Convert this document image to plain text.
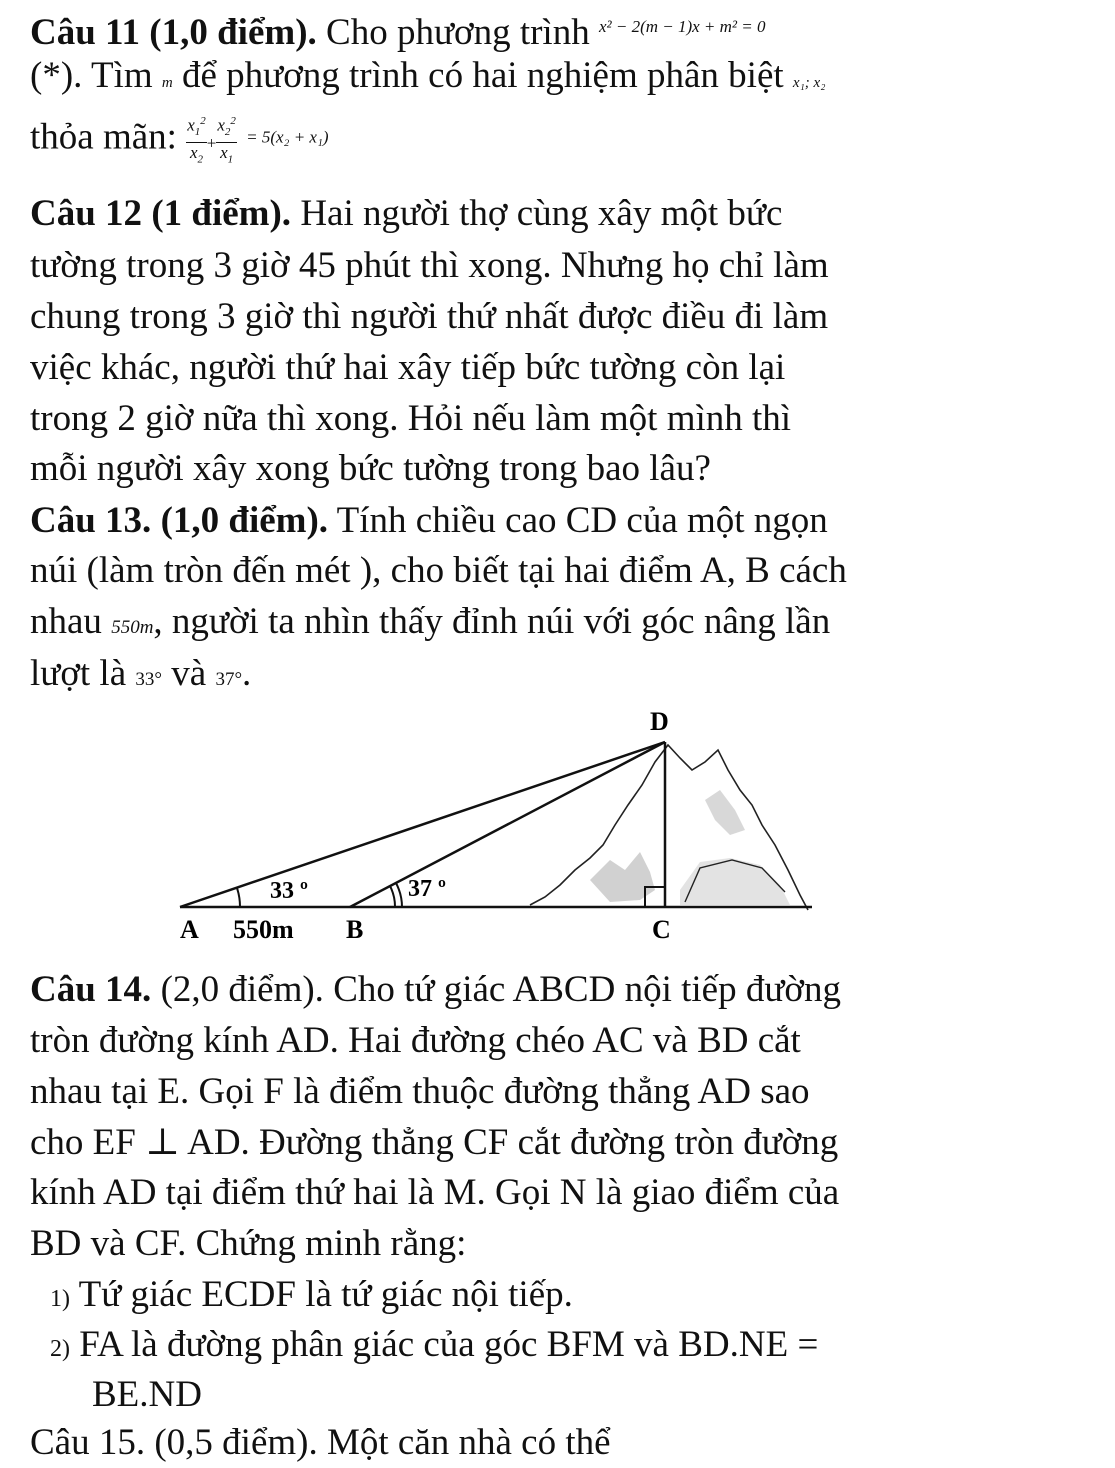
Câu 11 (1,0 điểm). Cho phương trình $^{x^2 - 2(m - 1)x + m^2 = 0}$
(*). Tìm m để phương trình có hai nghiệm phân biệt x₁; x₂
thỏa mãn: $\frac{x_1^2}{x_2} + \frac{x_2^2}{x_1} = 5(x_2 + x_1)$
Câu 12 (1 điểm). Hai người thợ cùng xây một bức
tường trong 3 giờ 45 phút thì xong. Nhưng họ chỉ làm
chung trong 3 giờ thì người thứ nhất được điều đi làm
việc khác, người thứ hai xây tiếp bức tường còn lại
trong 2 giờ nữa thì xong. Hỏi nếu làm một mình thì
mỗi người xây xong bức tường trong bao lâu?
Câu 13. (1,0 điểm). Tính chiều cao CD của một ngọn
núi (làm tròn đến mét ), cho biết tại hai điểm A, B cách
nhau 550m, người ta nhìn thấy đỉnh núi với góc nâng lần
lượt là 33° và 37°.
D
A 550m B	C
33 º	37 º
Câu 14. (2,0 điểm). Cho tứ giác ABCD nội tiếp đường
tròn đường kính AD. Hai đường chéo AC và BD cắt
nhau tại E. Gọi F là điểm thuộc đường thẳng AD sao
cho EF ⊥ AD. Đường thẳng CF cắt đường tròn đường
kính AD tại điểm thứ hai là M. Gọi N là giao điểm của
BD và CF. Chứng minh rằng:
1) Tứ giác ECDF là tứ giác nội tiếp.
2) FA là đường phân giác của góc BFM và BD.NE =
BE.ND
Câu 15. (0,5 điểm). Một căn nhà có thể
